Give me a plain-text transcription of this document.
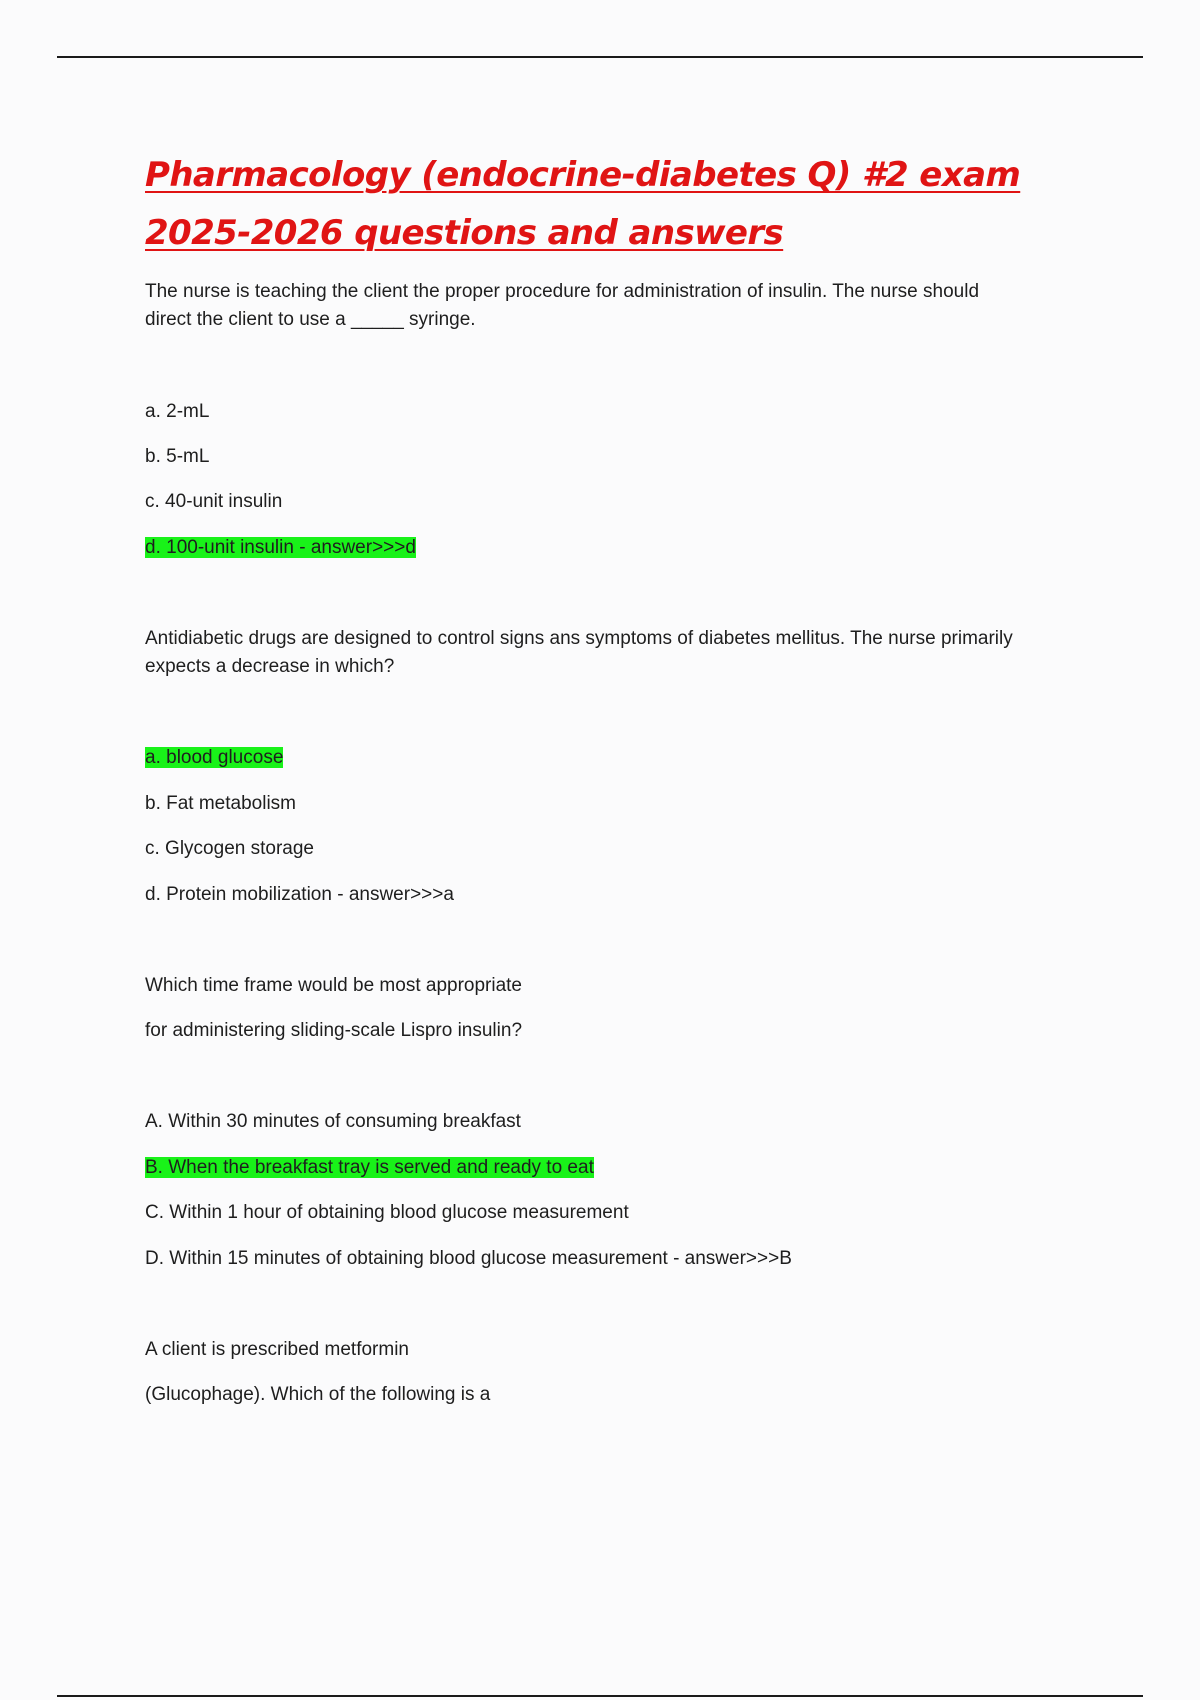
Pharmacology (endocrine-diabetes Q) #2 exam
2025-2026 questions and answers
The nurse is teaching the client the proper procedure for administration of insulin. The nurse should
direct the client to use a _____ syringe.
a. 2-mL
b. 5-mL
c. 40-unit insulin
d. 100-unit insulin - answer>>>d
Antidiabetic drugs are designed to control signs ans symptoms of diabetes mellitus. The nurse primarily
expects a decrease in which?
a. blood glucose
b. Fat metabolism
c. Glycogen storage
d. Protein mobilization - answer>>>a
Which time frame would be most appropriate
for administering sliding-scale Lispro insulin?
A. Within 30 minutes of consuming breakfast
B. When the breakfast tray is served and ready to eat
C. Within 1 hour of obtaining blood glucose measurement
D. Within 15 minutes of obtaining blood glucose measurement - answer>>>B
A client is prescribed metformin
(Glucophage). Which of the following is a
